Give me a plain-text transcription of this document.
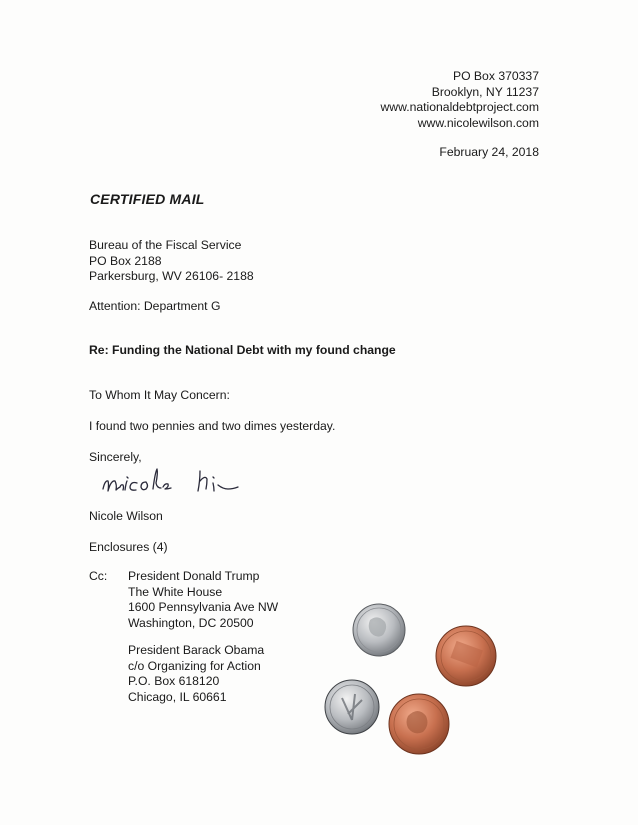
PO Box 370337
Brooklyn, NY 11237
www.nationaldebtproject.com
www.nicolewilson.com
February 24, 2018
CERTIFIED MAIL
Bureau of the Fiscal Service
PO Box 2188
Parkersburg, WV 26106- 2188
Attention: Department G
Re: Funding the National Debt with my found change
To Whom It May Concern:
I found two pennies and two dimes yesterday.
Sincerely,
Nicole Wilson
Enclosures (4)
Cc: President Donald Trump
The White House
1600 Pennsylvania Ave NW
Washington, DC 20500
President Barack Obama
c/o Organizing for Action
P.O. Box 618120
Chicago, IL 60661
